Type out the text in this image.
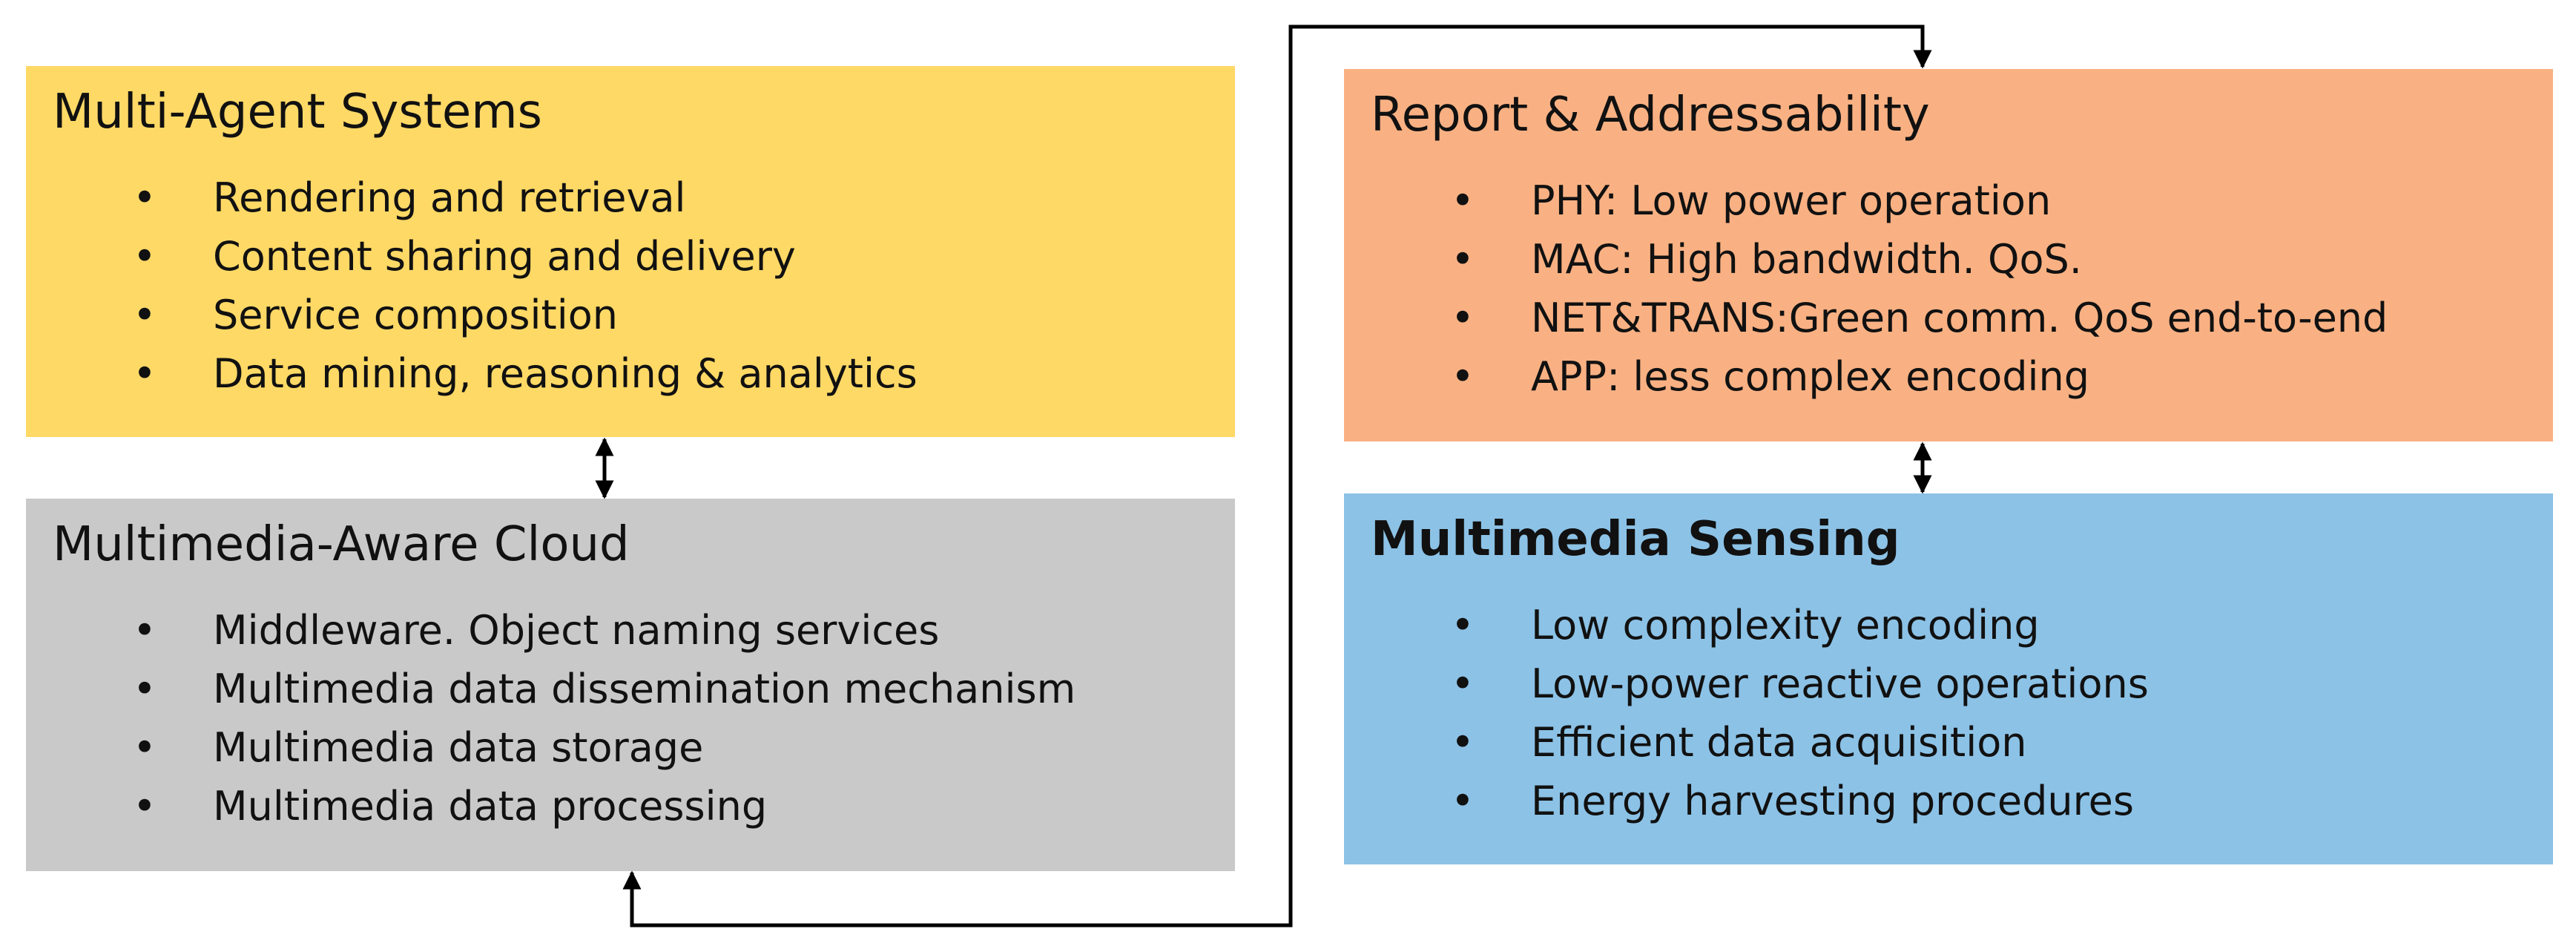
Multi-Agent Systems
• Rendering and retrieval
• Content sharing and delivery
• Service composition
• Data mining, reasoning & analytics
Multimedia-Aware Cloud
• Middleware. Object naming services
• Multimedia data dissemination mechanism
• Multimedia data storage
• Multimedia data processing
Report & Addressability
• PHY: Low power operation
• MAC: High bandwidth. QoS.
• NET&TRANS:Green comm. QoS end-to-end
• APP: less complex encoding
Multimedia Sensing
• Low complexity encoding
• Low-power reactive operations
• Efficient data acquisition
• Energy harvesting procedures
